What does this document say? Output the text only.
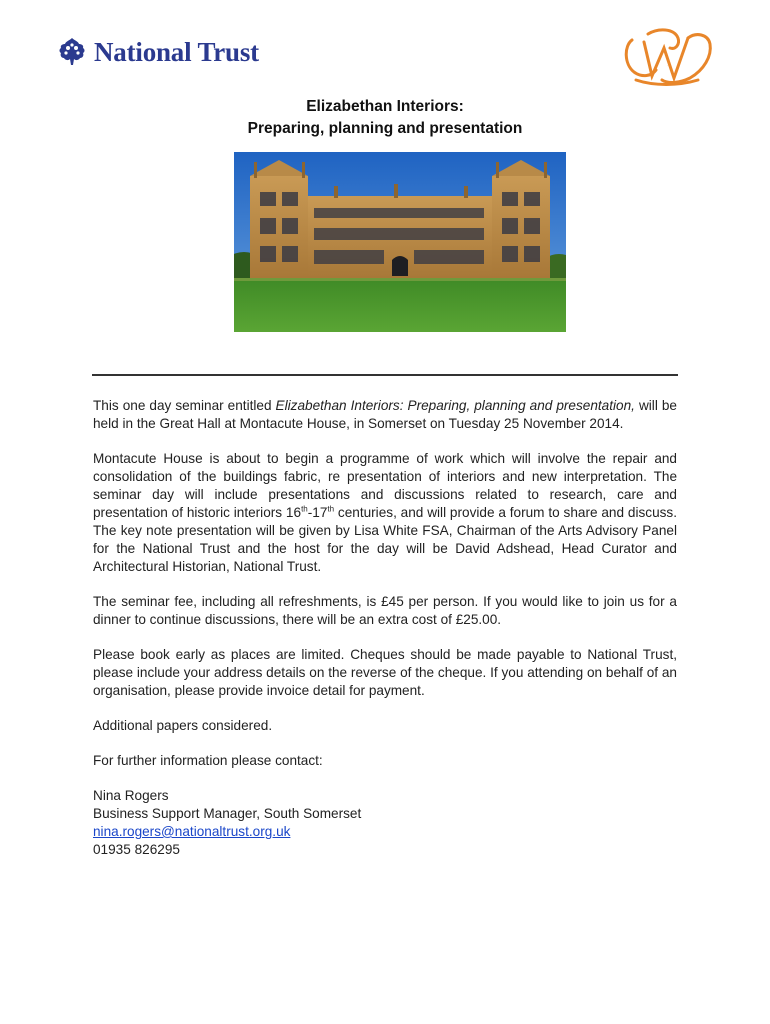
National Trust	W
Elizabethan Interiors:
Preparing, planning and presentation

This one day seminar entitled Elizabethan Interiors: Preparing, planning and presentation, will be held in the Great Hall at Montacute House, in Somerset on Tuesday 25 November 2014.

Montacute House is about to begin a programme of work which will involve the repair and consolidation of the buildings fabric, re presentation of interiors and new interpretation. The seminar day will include presentations and discussions related to research, care and presentation of historic interiors 16th-17th centuries, and will provide a forum to share and discuss. The key note presentation will be given by Lisa White FSA, Chairman of the Arts Advisory Panel for the National Trust and the host for the day will be David Adshead, Head Curator and Architectural Historian, National Trust.

The seminar fee, including all refreshments, is £45 per person. If you would like to join us for a dinner to continue discussions, there will be an extra cost of £25.00.

Please book early as places are limited. Cheques should be made payable to National Trust, please include your address details on the reverse of the cheque. If you attending on behalf of an organisation, please provide invoice detail for payment.

Additional papers considered.

For further information please contact:

Nina Rogers
Business Support Manager, South Somerset
nina.rogers@nationaltrust.org.uk
01935 826295
